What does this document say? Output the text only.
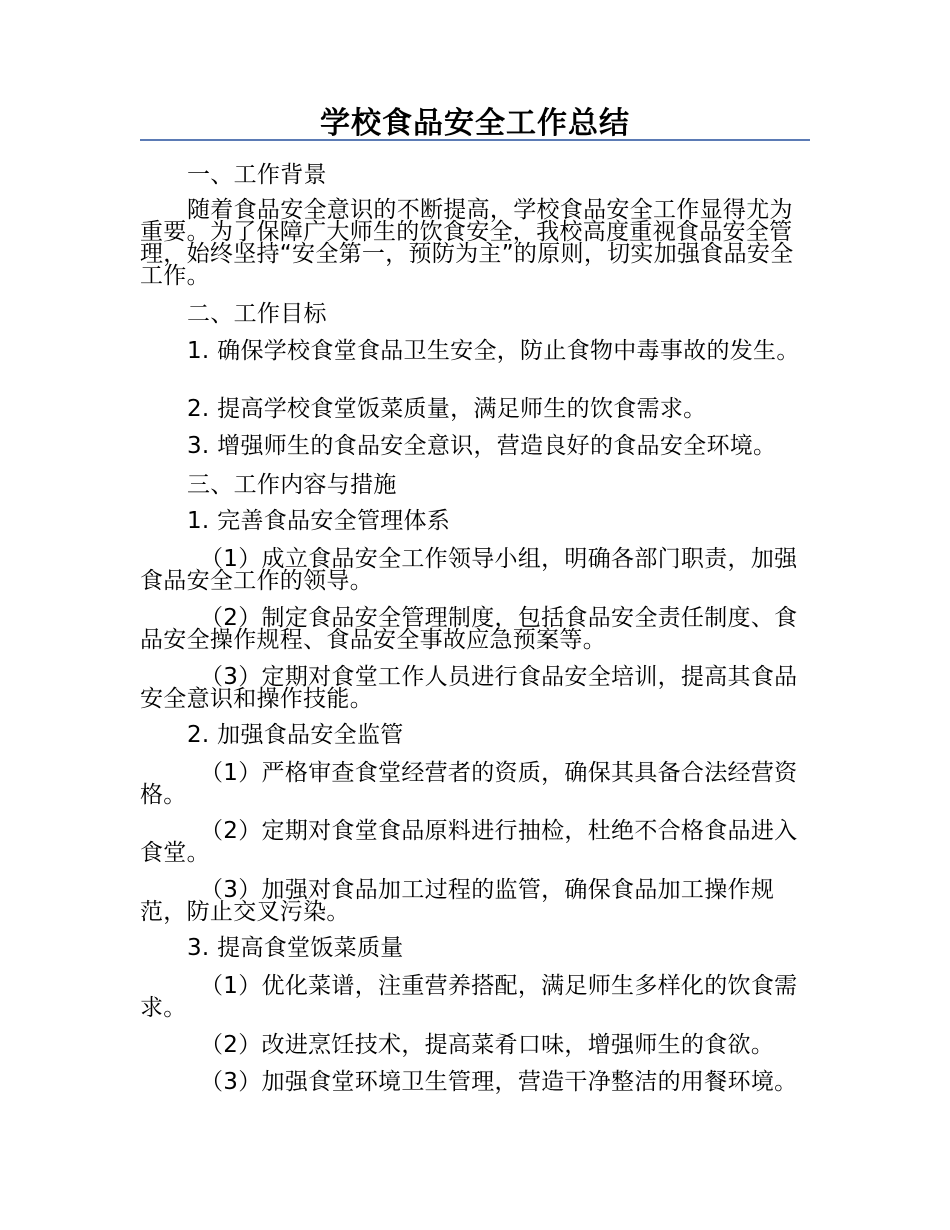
学校食品安全工作总结

一、工作背景

随着食品安全意识的不断提高，学校食品安全工作显得尤为重要。为了保障广大师生的饮食安全，我校高度重视食品安全管理，始终坚持“安全第一，预防为主”的原则，切实加强食品安全工作。

二、工作目标

1. 确保学校食堂食品卫生安全，防止食物中毒事故的发生。

2. 提高学校食堂饭菜质量，满足师生的饮食需求。

3. 增强师生的食品安全意识，营造良好的食品安全环境。

三、工作内容与措施

1. 完善食品安全管理体系

（1）成立食品安全工作领导小组，明确各部门职责，加强食品安全工作的领导。

（2）制定食品安全管理制度，包括食品安全责任制度、食品安全操作规程、食品安全事故应急预案等。

（3）定期对食堂工作人员进行食品安全培训，提高其食品安全意识和操作技能。

2. 加强食品安全监管

（1）严格审查食堂经营者的资质，确保其具备合法经营资格。

（2）定期对食堂食品原料进行抽检，杜绝不合格食品进入食堂。

（3）加强对食品加工过程的监管，确保食品加工操作规范，防止交叉污染。

3. 提高食堂饭菜质量

（1）优化菜谱，注重营养搭配，满足师生多样化的饮食需求。

（2）改进烹饪技术，提高菜肴口味，增强师生的食欲。

（3）加强食堂环境卫生管理，营造干净整洁的用餐环境。
